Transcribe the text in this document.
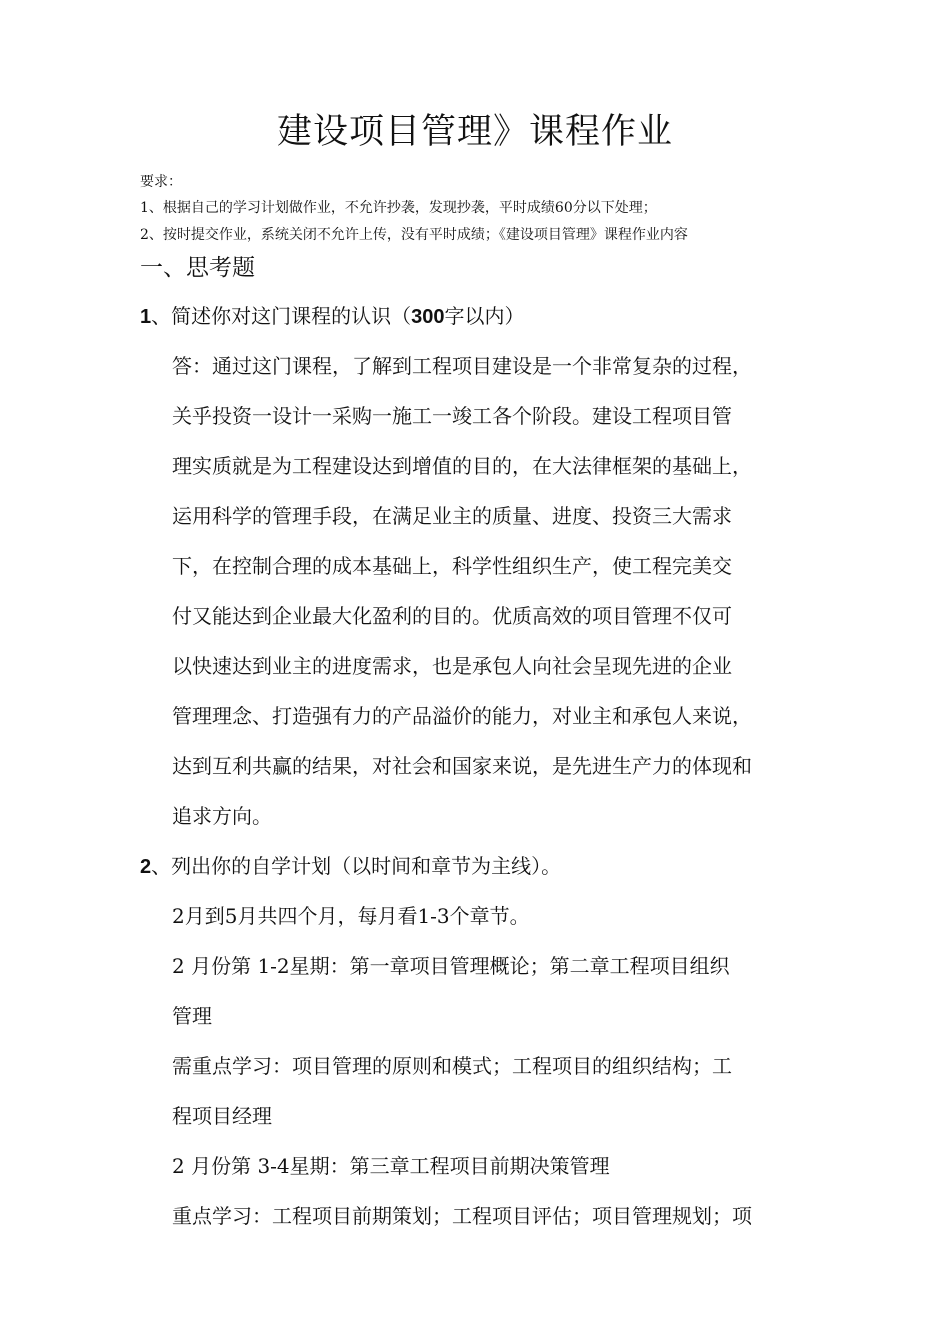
建设项目管理》课程作业
要求：
1、根据自己的学习计划做作业，不允许抄袭，发现抄袭，平时成绩60分以下处理；
2、按时提交作业，系统关闭不允许上传，没有平时成绩；《建设项目管理》课程作业内容
一、思考题
1、简述你对这门课程的认识（300字以内）
答：通过这门课程，了解到工程项目建设是一个非常复杂的过程，
关乎投资一设计一采购一施工一竣工各个阶段。建设工程项目管
理实质就是为工程建设达到增值的目的，在大法律框架的基础上，
运用科学的管理手段，在满足业主的质量、进度、投资三大需求
下，在控制合理的成本基础上，科学性组织生产，使工程完美交
付又能达到企业最大化盈利的目的。优质高效的项目管理不仅可
以快速达到业主的进度需求，也是承包人向社会呈现先进的企业
管理理念、打造强有力的产品溢价的能力，对业主和承包人来说，
达到互利共赢的结果，对社会和国家来说，是先进生产力的体现和
追求方向。
2、列出你的自学计划（以时间和章节为主线）。
2月到5月共四个月，每月看1-3个章节。
2 月份第 1-2星期：第一章项目管理概论；第二章工程项目组织
管理
需重点学习：项目管理的原则和模式；工程项目的组织结构；工
程项目经理
2 月份第 3-4星期：第三章工程项目前期决策管理
重点学习：工程项目前期策划；工程项目评估；项目管理规划；项
